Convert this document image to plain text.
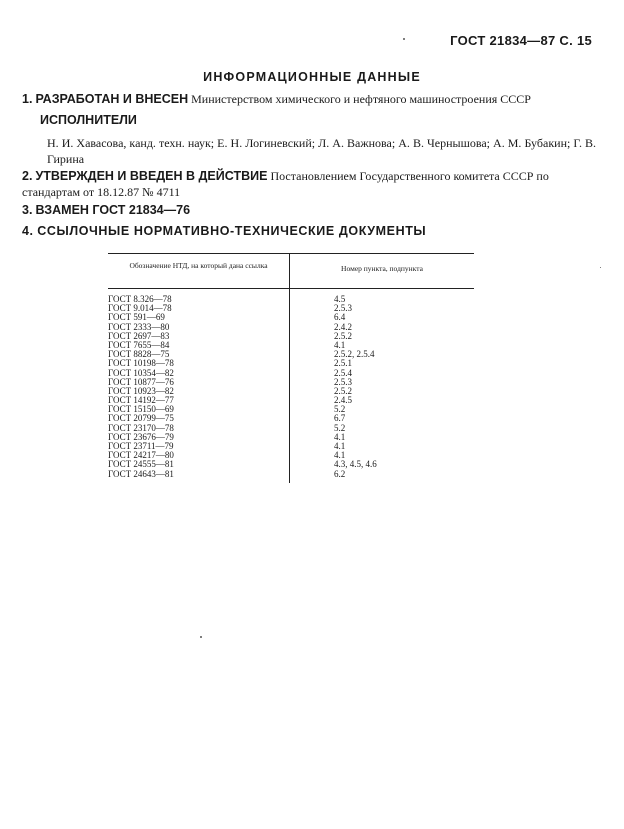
ГОСТ 21834—87 С. 15
ИНФОРМАЦИОННЫЕ ДАННЫЕ
1. РАЗРАБОТАН И ВНЕСЕН Министерством химического и нефтяного машиностроения СССР
ИСПОЛНИТЕЛИ
Н. И. Хавасова, канд. техн. наук; Е. Н. Логиневский; Л. А. Важнова; А. В. Чернышова; А. М. Бубакин; Г. В. Гирина
2. УТВЕРЖДЕН И ВВЕДЕН В ДЕЙСТВИЕ Постановлением Государственного комитета СССР по стандартам от 18.12.87 № 4711
3. ВЗАМЕН ГОСТ 21834—76
4. ССЫЛОЧНЫЕ НОРМАТИВНО-ТЕХНИЧЕСКИЕ ДОКУМЕНТЫ
Обозначение НТД, на который дана ссылка	Номер пункта, подпункта
ГОСТ 8.326—78
ГОСТ 9.014—78
ГОСТ 591—69
ГОСТ 2333—80
ГОСТ 2697—83
ГОСТ 7655—84
ГОСТ 8828—75
ГОСТ 10198—78
ГОСТ 10354—82
ГОСТ 10877—76
ГОСТ 10923—82
ГОСТ 14192—77
ГОСТ 15150—69
ГОСТ 20799—75
ГОСТ 23170—78
ГОСТ 23676—79
ГОСТ 23711—79
ГОСТ 24217—80
ГОСТ 24555—81
ГОСТ 24643—81
4.5
2.5.3
6.4
2.4.2
2.5.2
4.1
2.5.2, 2.5.4
2.5.1
2.5.4
2.5.3
2.5.2
2.4.5
5.2
6.7
5.2
4.1
4.1
4.1
4.3, 4.5, 4.6
6.2
